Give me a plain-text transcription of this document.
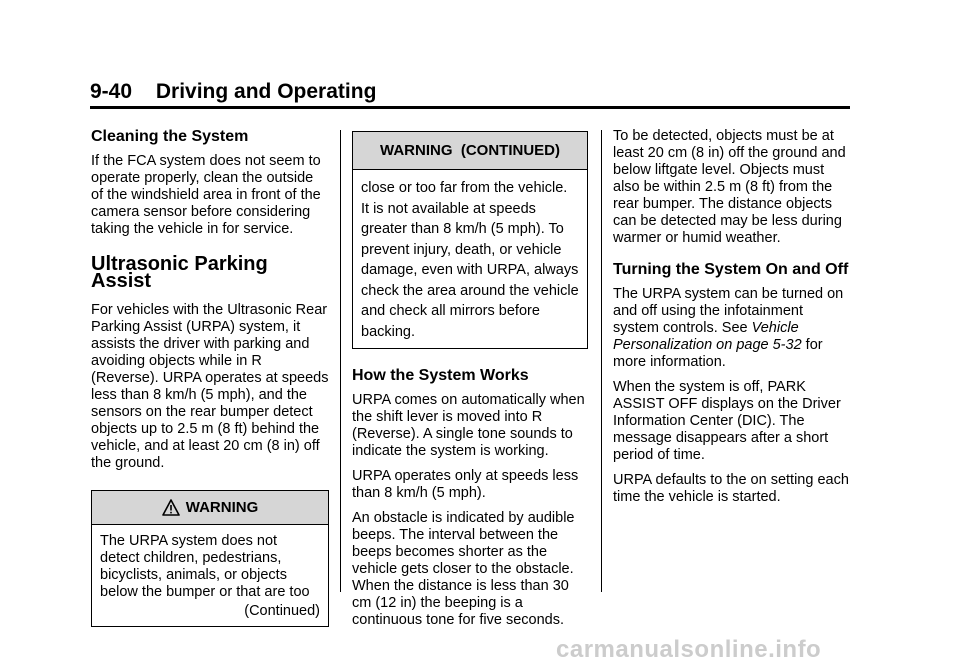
9-40 Driving and Operating
Cleaning the System

If the FCA system does not seem to operate properly, clean the outside of the windshield area in front of the camera sensor before considering taking the vehicle in for service.

Ultrasonic Parking Assist

For vehicles with the Ultrasonic Rear Parking Assist (URPA) system, it assists the driver with parking and avoiding objects while in R (Reverse). URPA operates at speeds less than 8 km/h (5 mph), and the sensors on the rear bumper detect objects up to 2.5 m (8 ft) behind the vehicle, and at least 20 cm (8 in) off the ground.

WARNING
The URPA system does not detect children, pedestrians, bicyclists, animals, or objects below the bumper or that are too
(Continued)
WARNING  (CONTINUED)
close or too far from the vehicle. It is not available at speeds greater than 8 km/h (5 mph). To prevent injury, death, or vehicle damage, even with URPA, always check the area around the vehicle and check all mirrors before backing.
How the System Works

URPA comes on automatically when the shift lever is moved into R (Reverse). A single tone sounds to indicate the system is working.

URPA operates only at speeds less than 8 km/h (5 mph).

An obstacle is indicated by audible beeps. The interval between the beeps becomes shorter as the vehicle gets closer to the obstacle. When the distance is less than 30 cm (12 in) the beeping is a continuous tone for five seconds.

To be detected, objects must be at least 20 cm (8 in) off the ground and below liftgate level. Objects must also be within 2.5 m (8 ft) from the rear bumper. The distance objects can be detected may be less during warmer or humid weather.

Turning the System On and Off

The URPA system can be turned on and off using the infotainment system controls. See Vehicle Personalization on page 5-32 for more information.

When the system is off, PARK ASSIST OFF displays on the Driver Information Center (DIC). The message disappears after a short period of time.

URPA defaults to the on setting each time the vehicle is started.

carmanualsonline.info
